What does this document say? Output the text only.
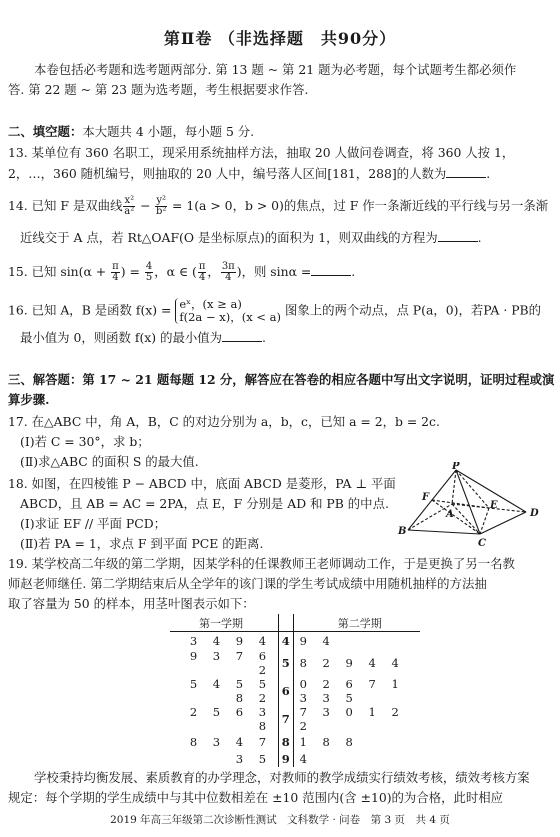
第Ⅱ卷 （非选择题　共90分）
本卷包括必考题和选考题两部分. 第 13 题 ~ 第 21 题为必考题，每个试题考生都必须作
答. 第 22 题 ~ 第 23 题为选考题，考生根据要求作答.
二、填空题：本大题共 4 小题，每小题 5 分.
13. 某单位有 360 名职工，现采用系统抽样方法，抽取 20 人做问卷调查，将 360 人按 1，
2，…，360 随机编号，则抽取的 20 人中，编号落人区间[181，288]的人数为	.
14. 已知 F 是双曲线 $\frac{\text{x²}}{\text{a²}} - \frac{\text{y²}}{\text{b²}} = 1(a > 0$，b > 0)的焦点，过 F 作一条渐近线的平行线与另一条渐
近线交于 A 点，若 Rt△OAF(O 是坐标原点)的面积为 1，则双曲线的方程为	.
15. 已知 $\sin(\alpha + \frac{\pi}{4}$ ) = $\frac{4}{5}$ ，α ∈ ( $\frac{\pi}{4}$ ， $\frac{3\pi}{4}$ )，则 sinα =	.
16. 已知 A，B 是函数 f(x) = eˣ，(x ≥ a)
f(2a − x)，(x < a) 图象上的两个动点，点 P(a，0)，若PA · PB的
最小值为 0，则函数 f(x) 的最小值为	.
三、解答题：第 17 ~ 21 题每题 12 分，解答应在答卷的相应各题中写出文字说明，证明过程或演
算步骤.
17. 在△ABC 中，角 A，B，C 的对边分别为 a，b，c，已知 a = 2，b = 2c.
(Ⅰ)若 C = 30°，求 b；
(Ⅱ)求△ABC 的面积 S 的最大值.
18. 如图，在四棱锥 P − ABCD 中，底面 ABCD 是菱形，PA ⊥ 平面
ABCD，且 AB = AC = 2PA，点 E，F 分别是 AD 和 PB 的中点.
(Ⅰ)求证 EF // 平面 PCD；
(Ⅱ)若 PA = 1，求点 F 到平面 PCE 的距离.
P
F
E
D
A
B
C
19. 某学校高二年级的第二学期，因某学科的任课教师王老师调动工作，于是更换了另一名教
师赵老师继任. 第二学期结束后从全学年的该门课的学生考试成绩中用随机抽样的方法抽
取了容量为 50 的样本，用茎叶图表示如下：
第一学期		第二学期
3 4 9 4	4	9 4
9 3 7 6 2	5	8 2 9 4 4
5 4 5 5 8 2	6	0 2 6 7 1 3 3 5
2 5 6 3 8	7	7 3 0 1 2 2
8 3 4 7	8	1 8 8
3 5	9	4
学校秉持均衡发展、素质教育的办学理念，对教师的教学成绩实行绩效考核，绩效考核方案
规定：每个学期的学生成绩中与其中位数相差在 ±10 范围内(含 ±10)的为合格，此时相应
2019 年高三年级第二次诊断性测试　文科数学 · 问卷　第 3 页　共 4 页
